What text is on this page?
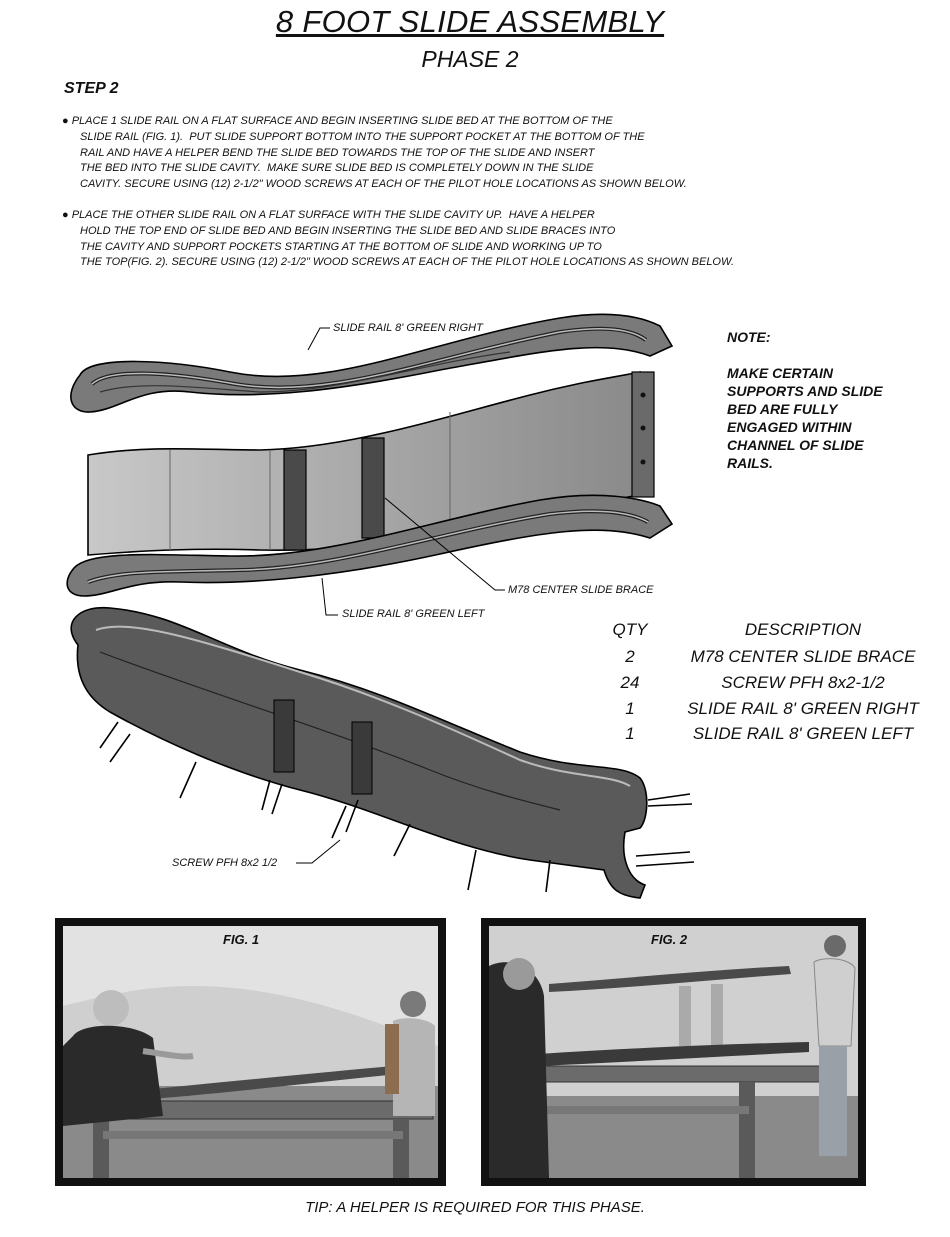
8 FOOT SLIDE ASSEMBLY
PHASE 2
STEP 2
● PLACE 1 SLIDE RAIL ON A FLAT SURFACE AND BEGIN INSERTING SLIDE BED AT THE BOTTOM OF THE
SLIDE RAIL (FIG. 1).  PUT SLIDE SUPPORT BOTTOM INTO THE SUPPORT POCKET AT THE BOTTOM OF THE
RAIL AND HAVE A HELPER BEND THE SLIDE BED TOWARDS THE TOP OF THE SLIDE AND INSERT
THE BED INTO THE SLIDE CAVITY.  MAKE SURE SLIDE BED IS COMPLETELY DOWN IN THE SLIDE
CAVITY. SECURE USING (12) 2-1/2" WOOD SCREWS AT EACH OF THE PILOT HOLE LOCATIONS AS SHOWN BELOW.
● PLACE THE OTHER SLIDE RAIL ON A FLAT SURFACE WITH THE SLIDE CAVITY UP.  HAVE A HELPER
HOLD THE TOP END OF SLIDE BED AND BEGIN INSERTING THE SLIDE BED AND SLIDE BRACES INTO
THE CAVITY AND SUPPORT POCKETS STARTING AT THE BOTTOM OF SLIDE AND WORKING UP TO
THE TOP(FIG. 2). SECURE USING (12) 2-1/2" WOOD SCREWS AT EACH OF THE PILOT HOLE LOCATIONS AS SHOWN BELOW.
SLIDE RAIL 8' GREEN RIGHT
M78 CENTER SLIDE BRACE
SLIDE RAIL 8' GREEN LEFT
SCREW PFH 8x2 1/2
NOTE:

MAKE CERTAIN
SUPPORTS AND SLIDE
BED ARE FULLY
ENGAGED WITHIN
CHANNEL OF SLIDE
RAILS.
QTY	DESCRIPTION
2	M78 CENTER SLIDE BRACE
24	SCREW PFH 8x2-1/2
1	SLIDE RAIL 8' GREEN RIGHT
1	SLIDE RAIL 8' GREEN LEFT
FIG. 1	FIG. 2
TIP: A HELPER IS REQUIRED FOR THIS PHASE.
